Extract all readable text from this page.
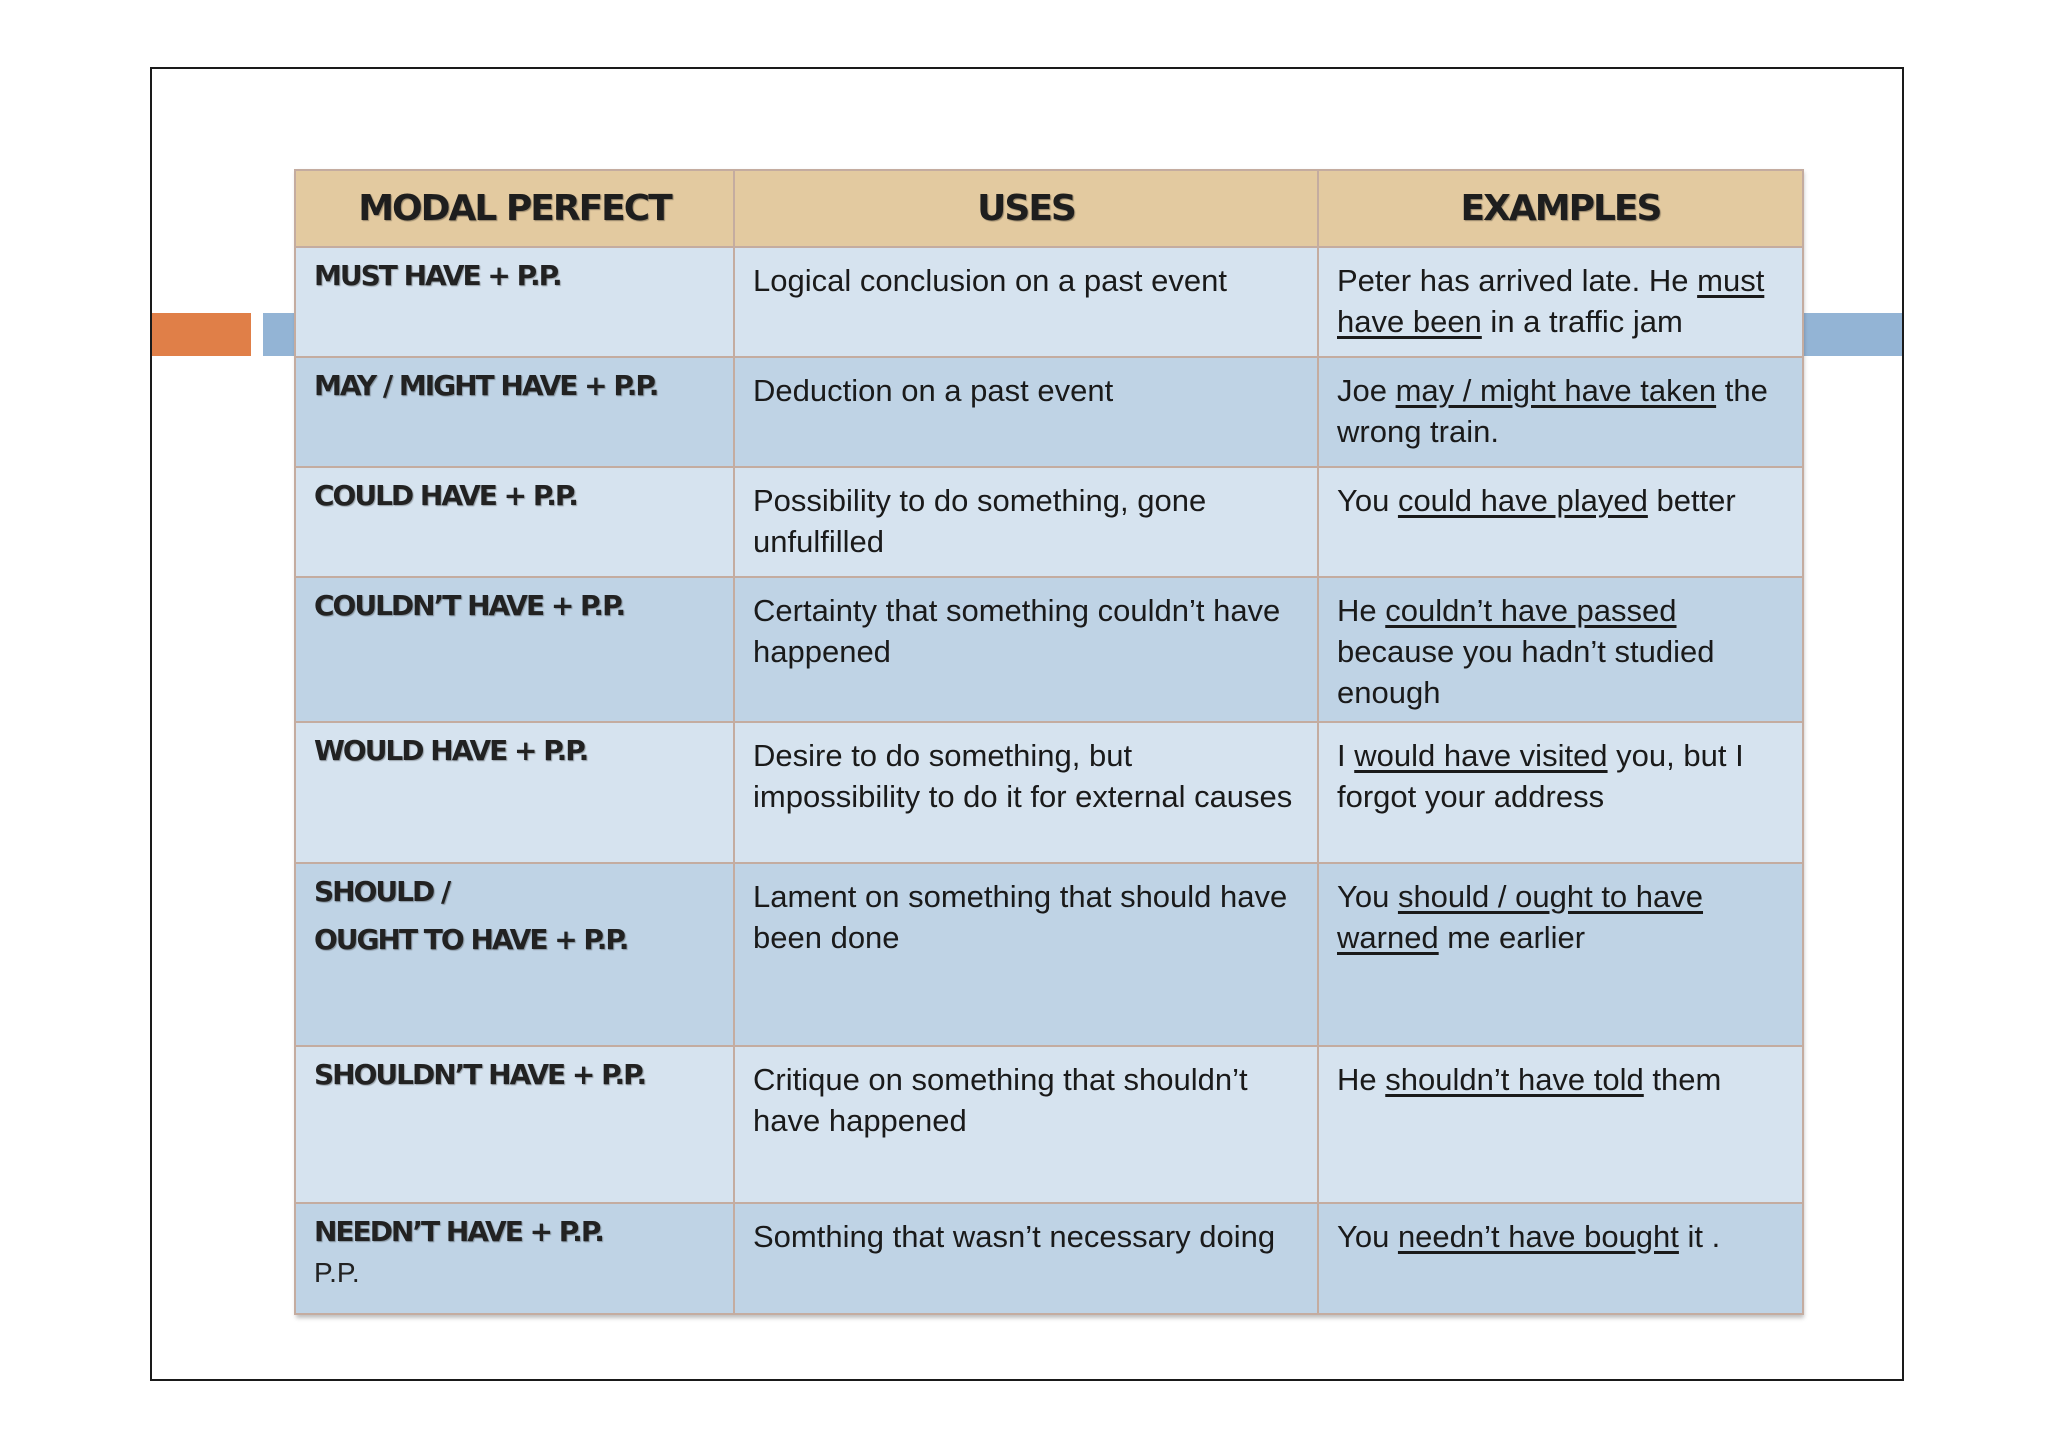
MODAL PERFECT	USES	EXAMPLES

MUST HAVE + P.P.	Logical conclusion on a past event	Peter has arrived late. He must have been in a traffic jam

MAY / MIGHT HAVE + P.P.	Deduction on a past event	Joe may / might have taken the wrong train.

COULD HAVE + P.P.	Possibility to do something, gone unfulfilled	You could have played better

COULDN’T HAVE + P.P.	Certainty that something couldn’t have happened	He couldn’t have passed because you hadn’t studied enough

WOULD HAVE + P.P.	Desire to do something, but impossibility to do it for external causes	I would have visited you, but I forgot your address

SHOULD /
OUGHT TO HAVE + P.P.	Lament on something that should have been done	You should / ought to have warned me earlier

SHOULDN’T HAVE + P.P.	Critique on something that shouldn’t have happened	He shouldn’t have told them

NEEDN’T HAVE + P.P.
P.P.	Somthing that wasn’t necessary doing	You needn’t have bought it .
